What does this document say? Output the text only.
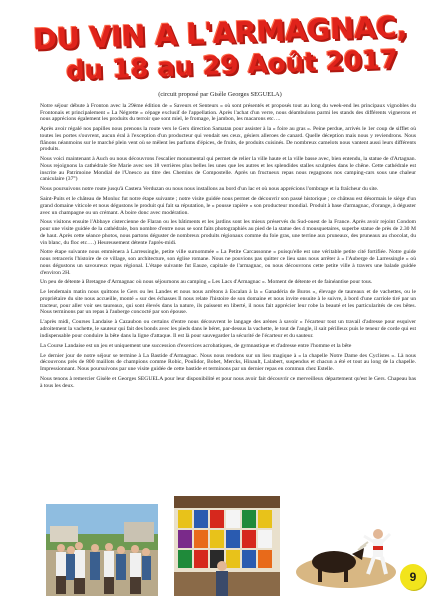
DU VIN A L'ARMAGNAC,
du 18 au 29 Août 2017
(circuit proposé par Gisèle Georges SEGUELA)

Notre séjour débute à Fronton avec la 29ème édition de « Saveurs et Senteurs » où sont présentés et proposés tout au long du week-end les principaux vignobles du Frontonais et principalement « La Négrette » cépage exclusif de l'appellation. Après l'achat d'un verre, nous déambulons parmi les stands des différents vignerons et nous apprécions également les produits du terroir que sont miel, le fromage, le jambon, les macarons etc….

Après avoir régalé nos papilles nous prenons la route vers le Gers direction Samatan pour assister à la « foire au gras ». Peine perdue, arrivés le 1er coup de sifflet où toutes les portes s'ouvrent, aucun éral à l'exception d'un producteur qui vendait ses ceux, gésiers alleroes de canard. Quelle déception mais nous y reviendrons. Nous flânons néanmoins sur le marché plein vent où se mêlent les parfums d'épices, de fruits, de produits cuisinés. De nombreux camelots nous vantent aussi leurs différents produits.

Nous voici maintenant à Auch ou nous découvrons l'escalier monumental qui permet de relier la ville haute et la ville basse avec, bien entendu, la statue de d'Artagnan. Nous rejoignons la cathédrale Ste Marie avec ses 18 verrières plus belles les unes que les autres et les splendides stalles sculptées dans le chêne. Cette cathédrale est inscrite au Patrimoine Mondial de l'Unesco au titre des Chemins de Compostelle. Après un fructueux repas nous regagnons nos camping-cars sous une chaleur caniculaire (37°)

Nous poursuivons notre route jusqu'à Castera Verduzan ou nous nous installons au bord d'un lac et où nous apprécions l'ombrage et la fraîcheur du site.

Saint-Puits et le château de Monluc fut notre étape suivante ; notre visite guidée nous permet de découvrir son passé historique ; ce château est désormais le siège d'un grand domaine viticole et nous dégustons le produit qui fait sa réputation, le « pousse rapière » son producteur mondial. Produit à base d'armagnac, d'orange, à déguster avec un champagne ou un crémant. A boire donc avec modération.

Nous visitons ensuite l'Abbaye cistercienne de Flaran ou les bâtiments et les jardins sont les mieux préservés du Sud-ouest de la France. Après avoir rejoint Condom pour une visite guidée de la cathédrale, bon nombre d'entre nous se sont faits photographiés au pied de la statue des 4 mousquetaires, superbe statue de près de 2.30 M de haut. Après cette séance photos, nous partons déguster de nombreux produits régionaux comme du foie gras, une terrine aux pruneaux, des pruneaux au chocolat, du vin blanc, du floc etc….) Heureusement détente l'après-midi.

Notre étape suivante nous emmènera à Larressingle, petite ville surnommée « La Petite Carcassonne » puisqu'elle est une véritable petite cité fortifiée. Notre guide nous retraceris l'histoire de ce village, son architecture, son église romane. Nous ne pouvions pas quitter ce lieu sans nous arrêter à « l'Auberge de Larressingle » où nous dégustons un savoureux repas régional. L'étape suivante fut Eauze, capitale de l'armagnac, ou nous découvrons cette petite ville à travers une balade guidée d'environ 2H.

Un peu de détente à Bretagne d'Armagnac où nous séjournons au camping « Les Lacs d'Armagnac ». Moment de détente et de fainéantise pour tous.

Le lendemain matin nous quittons le Gers ou les Landes et nous nous arrêtons à Escalan à la « Ganadéria de Buros », élevage de taureaux et de vachettes, ou le propriétaire du site nous accueille, monté « sur des échasses Il nous relate l'histoire de son domaine et nous invite ensuite à le suivre, à bord d'une carriole tiré par un tracteur, pour aller voir ses taureaux, qui sont élevés dans la nature, ils paissent en liberté, il nous fait apprécier leur robe la beauté et les particularités de ces bêtes. Nous terminons par un repas à l'auberge concocté par son épouse.

L'après midi, Courses Landaise à Cazaubon ou certains d'entre nous découvrent le langage des arènes à savoir « l'écarteur tout un travail d'adresse pour esquiver adroitement la vachette, le sauteur qui fait des bonds avec les pieds dans le béret, par-dessus la vachette, le tout de l'angle, il sait périlleux puis le teneur de corde qui est indispensable pour conduire la bête dans la ligne d'attaque. Il est là pour sauvegarder la sécurité de l'écarteur et du sauteur.

La Course Landaise est un jeu et uniquement une succession d'exercices acrobatiques, de gymnastique et d'adresse entre l'homme et la bête

Le dernier jour de notre séjour se termine à La Bastide d'Armagnac. Nous nous rendons sur un lieu magique à « la chapelle Notre Dame des Cyclistes ». Là nous découvrons près de 800 maillots de champions comme Robic, Poulidor, Bobet, Mercks, Hinault, Lalabert, suspendus et chacun a été et tout au long de la chapelle. Impressionnant. Nous poursuivons par une visite guidée de cette bastide et terminons par un dernier repas en commun chez Estelle.

Nous tenons à remercier Gisèle et Georges SEGUELA pour leur disponibilité et pour nous avoir fait découvrir ce merveilleux département qu'est le Gers. Chapeau bas à tous les deux.

9
